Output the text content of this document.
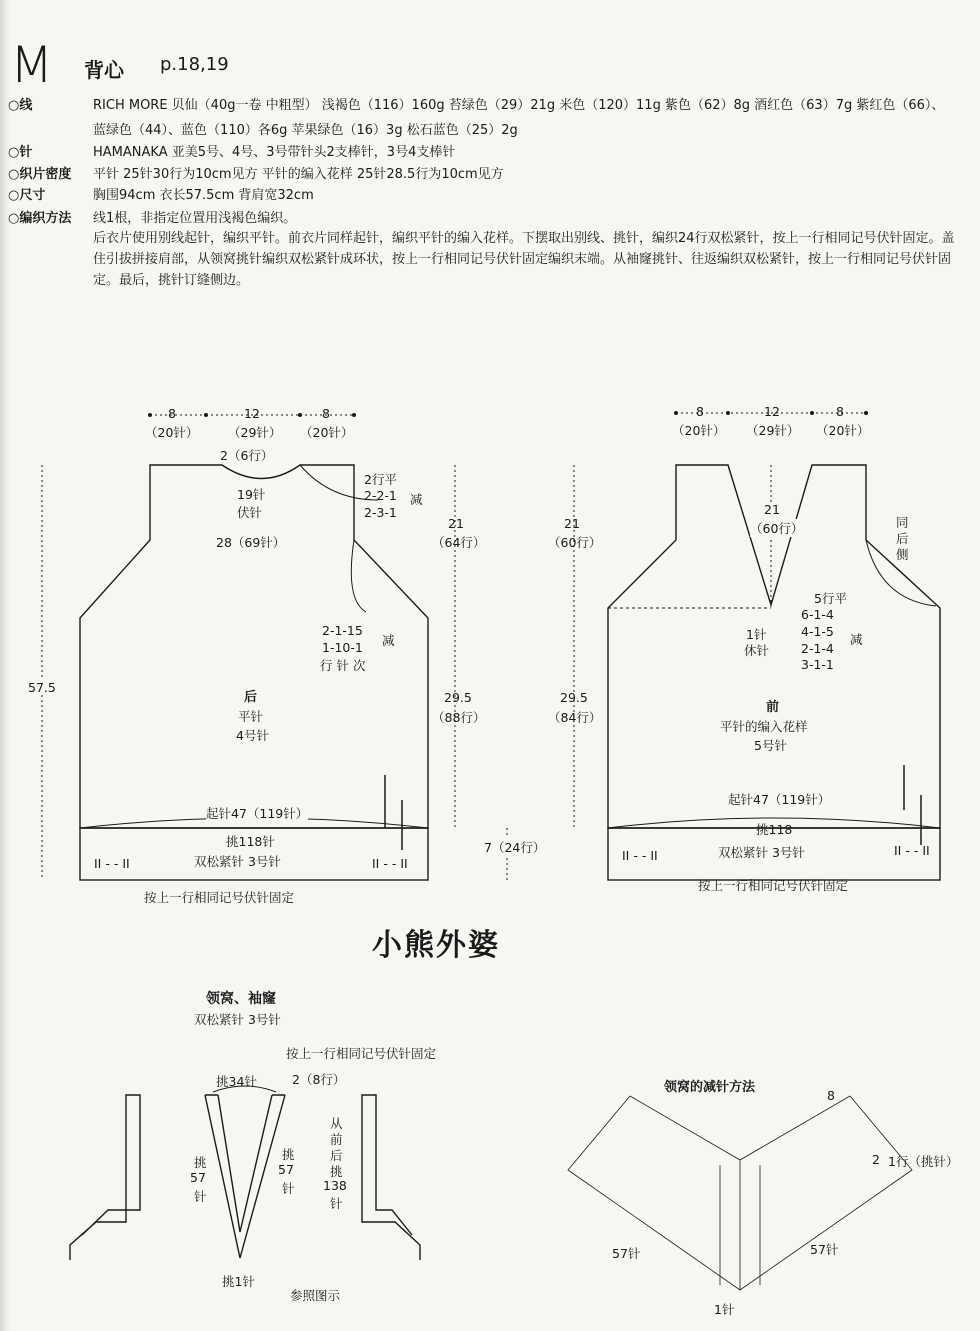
M 背心 p.18,19
○线	RICH MORE 贝仙（40g一卷 中粗型） 浅褐色（116）160g 苔绿色（29）21g 米色（120）11g 紫色（62）8g 酒红色（63）7g 紫红色（66）、
蓝绿色（44）、蓝色（110）各6g 苹果绿色（16）3g 松石蓝色（25）2g
○针	HAMANAKA 亚美5号、4号、3号带针头2支棒针，3号4支棒针
○织片密度 平针 25针30行为10cm见方 平针的编入花样 25针28.5行为10cm见方
○尺寸	胸围94cm 衣长57.5cm 背肩宽32cm
○编织方法 线1根，非指定位置用浅褐色编织。
后衣片使用别线起针，编织平针。前衣片同样起针，编织平针的编入花样。下摆取出别线、挑针，编织24行双松紧针，按上一行相同记号伏针固定。盖住引拔拼接肩部，从领窝挑针编织双松紧针成环状，按上一行相同记号伏针固定编织末端。从袖窿挑针、往返编织双松紧针，按上一行相同记号伏针固定。最后，挑针订缝侧边。
8	12	8
（20针） （29针） （20针）
2（6行）
19针
伏针
2行平
2-2-1
2-3-1
减
28（69针）
2-1-15
1-10-1
行 针 次
减
后
平针
4号针
起针47（119针）
挑118针
双松紧针 3号针
II - - II	II - - II
按上一行相同记号伏针固定
57.5
21
（64行）
29.5
（88行）
21
（60行）
29.5
（84行）
7（24行）
8	12	8
（20针） （29针） （20针）
21
（60行）	同
后
侧
5行平
6-1-4
4-1-5
2-1-4
3-1-1
减
1针
休针
前
平针的编入花样
5号针
起针47（119针）
挑118
双松紧针 3号针
II - - II	II - - II
按上一行相同记号伏针固定
小熊外婆
领窝、袖窿
双松紧针 3号针
按上一行相同记号伏针固定
挑34针	2（8行）
挑
57
针
挑
57
针
从
前
后
挑
138
针
挑1针
参照图示
领窝的减针方法
8
2 1行（挑针）
57针	57针
1针
